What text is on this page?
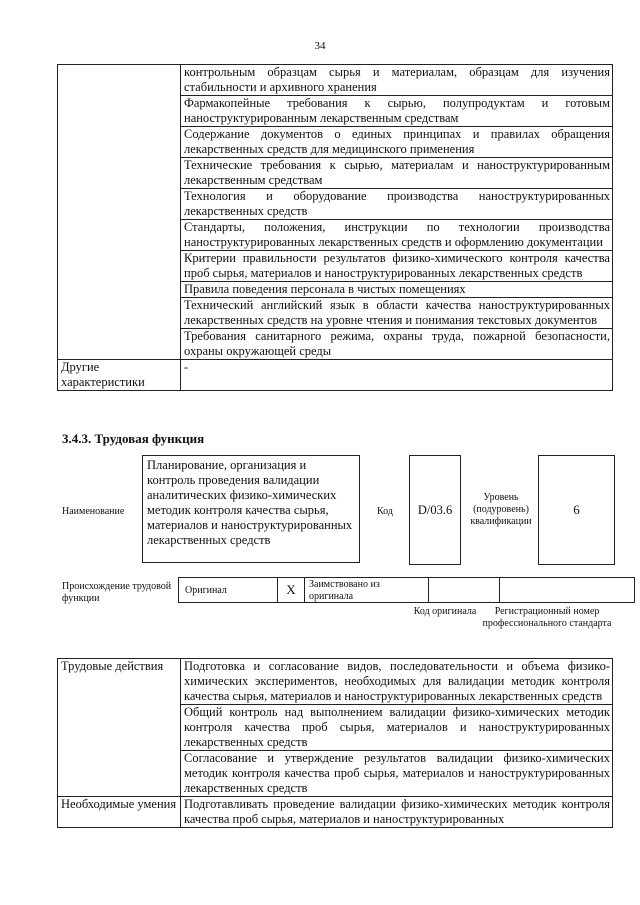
34
	контрольным образцам сырья и материалам, образцам для изучения стабильности и архивного хранения
	Фармакопейные требования к сырью, полупродуктам и готовым наноструктурированным лекарственным средствам
	Содержание документов о единых принципах и правилах обращения лекарственных средств для медицинского применения
	Технические требования к сырью, материалам и наноструктурированным лекарственным средствам
	Технология и оборудование производства наноструктурированных лекарственных средств
	Стандарты, положения, инструкции по технологии производства наноструктурированных лекарственных средств и оформлению документации
	Критерии правильности результатов физико-химического контроля качества проб сырья, материалов и наноструктурированных лекарственных средств
	Правила поведения персонала в чистых помещениях
	Технический английский язык в области качества наноструктурированных лекарственных средств на уровне чтения и понимания текстовых документов
	Требования санитарного режима, охраны труда, пожарной безопасности, охраны окружающей среды
Другие характеристики	-
3.4.3. Трудовая функция
Наименование
Планирование, организация и контроль проведения валидации аналитических физико-химических методик контроля качества сырья, материалов и наноструктурированных лекарственных средств
Код	D/03.6
Уровень (подуровень) квалификации
6
Происхождение трудовой функции
Оригинал	X	Заимствовано из оригинала
Код оригинала	Регистрационный номер профессионального стандарта
Трудовые действия	Подготовка и согласование видов, последовательности и объема физико-химических экспериментов, необходимых для валидации методик контроля качества сырья, материалов и наноструктурированных лекарственных средств
	Общий контроль над выполнением валидации физико-химических методик контроля качества проб сырья, материалов и наноструктурированных лекарственных средств
	Согласование и утверждение результатов валидации физико-химических методик контроля качества проб сырья, материалов и наноструктурированных лекарственных средств
Необходимые умения	Подготавливать проведение валидации физико-химических методик контроля качества проб сырья, материалов и наноструктурированных
